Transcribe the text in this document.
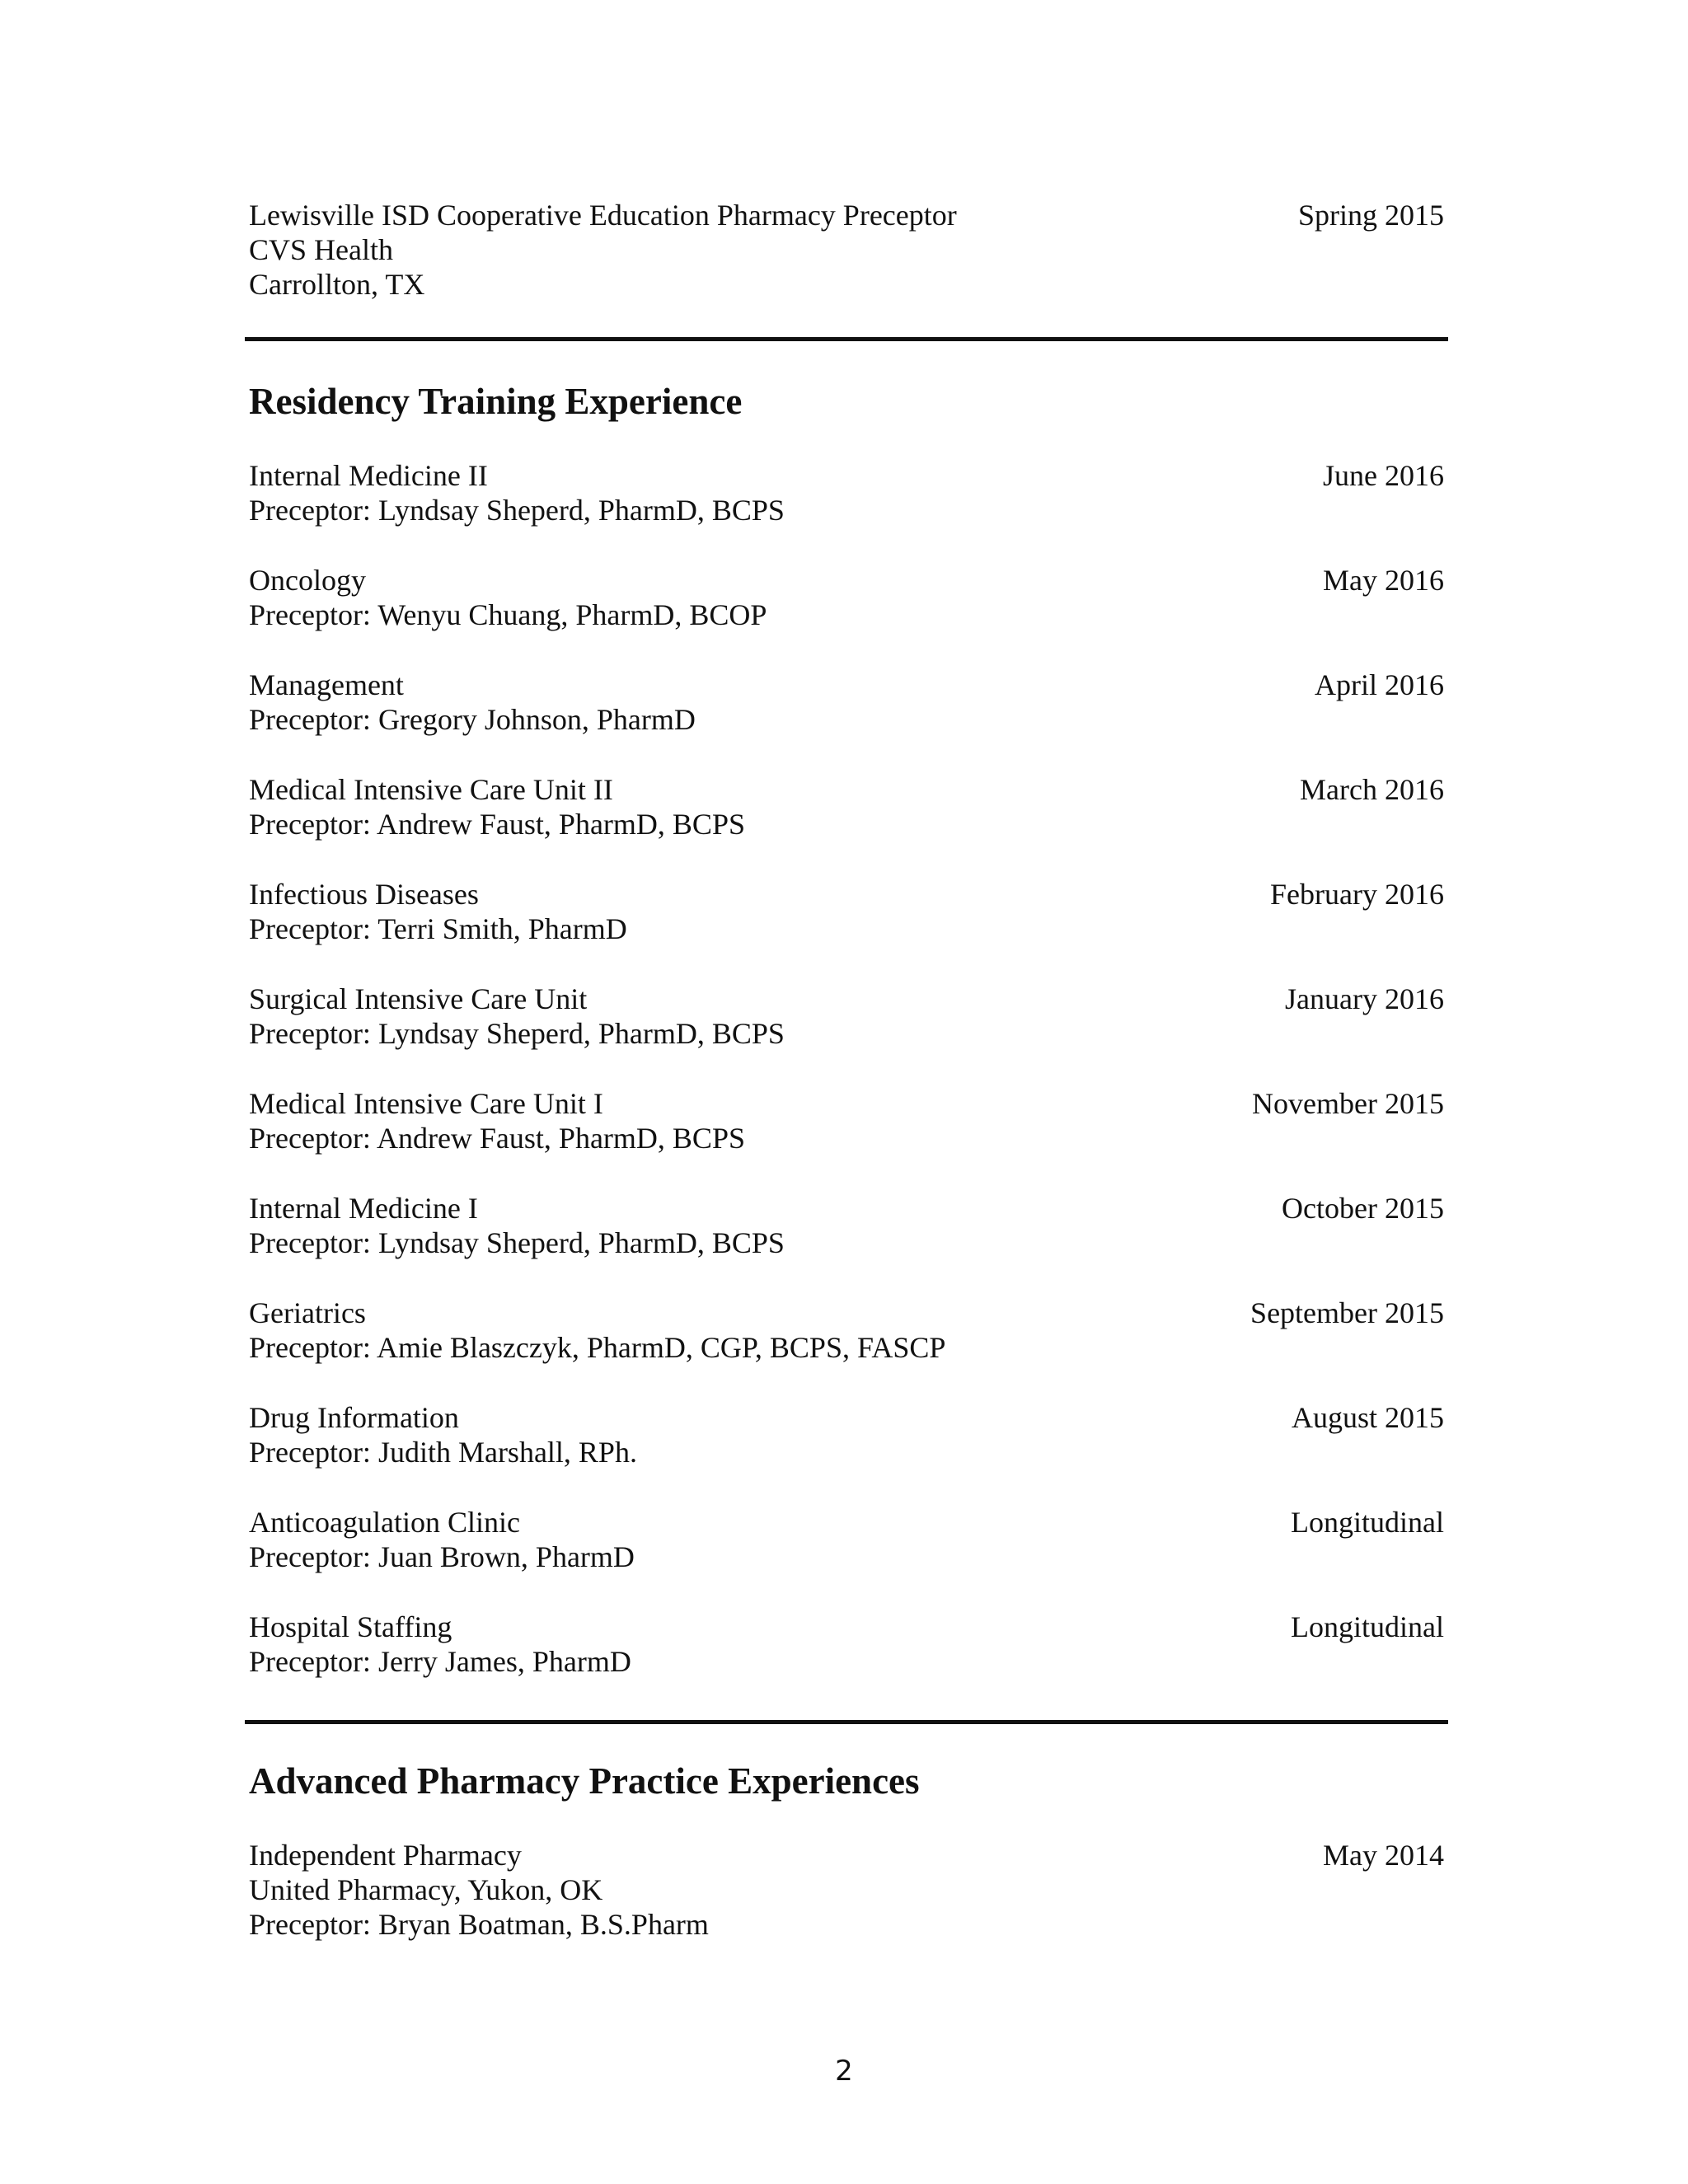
Lewisville ISD Cooperative Education Pharmacy Preceptor
CVS Health
Carrollton, TX
Spring 2015
Residency Training Experience
Internal Medicine II
Preceptor: Lyndsay Sheperd, PharmD, BCPS
June 2016
Oncology
Preceptor: Wenyu Chuang, PharmD, BCOP
May 2016
Management
Preceptor: Gregory Johnson, PharmD
April 2016
Medical Intensive Care Unit II
Preceptor: Andrew Faust, PharmD, BCPS
March 2016
Infectious Diseases
Preceptor: Terri Smith, PharmD
February 2016
Surgical Intensive Care Unit
Preceptor: Lyndsay Sheperd, PharmD, BCPS
January 2016
Medical Intensive Care Unit I
Preceptor: Andrew Faust, PharmD, BCPS
November 2015
Internal Medicine I
Preceptor: Lyndsay Sheperd, PharmD, BCPS
October 2015
Geriatrics
Preceptor: Amie Blaszczyk, PharmD, CGP, BCPS, FASCP
September 2015
Drug Information
Preceptor: Judith Marshall, RPh.
August 2015
Anticoagulation Clinic
Preceptor: Juan Brown, PharmD
Longitudinal
Hospital Staffing
Preceptor: Jerry James, PharmD
Longitudinal
Advanced Pharmacy Practice Experiences
Independent Pharmacy
United Pharmacy, Yukon, OK
Preceptor: Bryan Boatman, B.S.Pharm
May 2014
2
